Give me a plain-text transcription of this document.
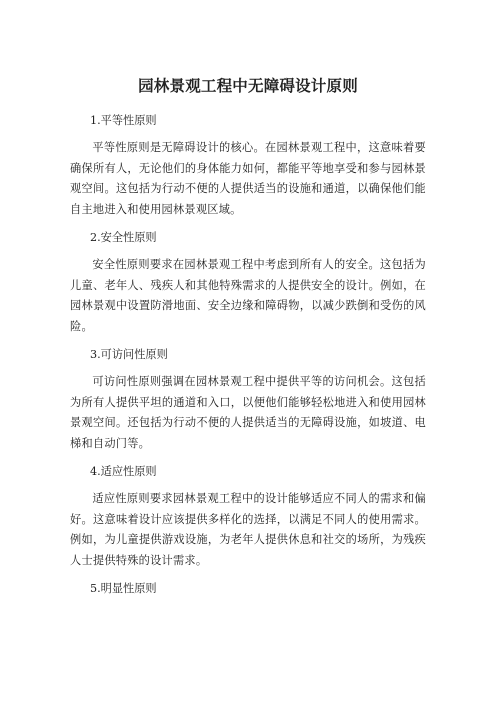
园林景观工程中无障碍设计原则
1.平等性原则

平等性原则是无障碍设计的核心。在园林景观工程中，这意味着要确保所有人，无论他们的身体能力如何，都能平等地享受和参与园林景观空间。这包括为行动不便的人提供适当的设施和通道，以确保他们能自主地进入和使用园林景观区域。

2.安全性原则

安全性原则要求在园林景观工程中考虑到所有人的安全。这包括为儿童、老年人、残疾人和其他特殊需求的人提供安全的设计。例如，在园林景观中设置防滑地面、安全边缘和障碍物，以减少跌倒和受伤的风险。

3.可访问性原则

可访问性原则强调在园林景观工程中提供平等的访问机会。这包括为所有人提供平坦的通道和入口，以便他们能够轻松地进入和使用园林景观空间。还包括为行动不便的人提供适当的无障碍设施，如坡道、电梯和自动门等。

4.适应性原则

适应性原则要求园林景观工程中的设计能够适应不同人的需求和偏好。这意味着设计应该提供多样化的选择，以满足不同人的使用需求。例如，为儿童提供游戏设施，为老年人提供休息和社交的场所，为残疾人士提供特殊的设计需求。

5.明显性原则
